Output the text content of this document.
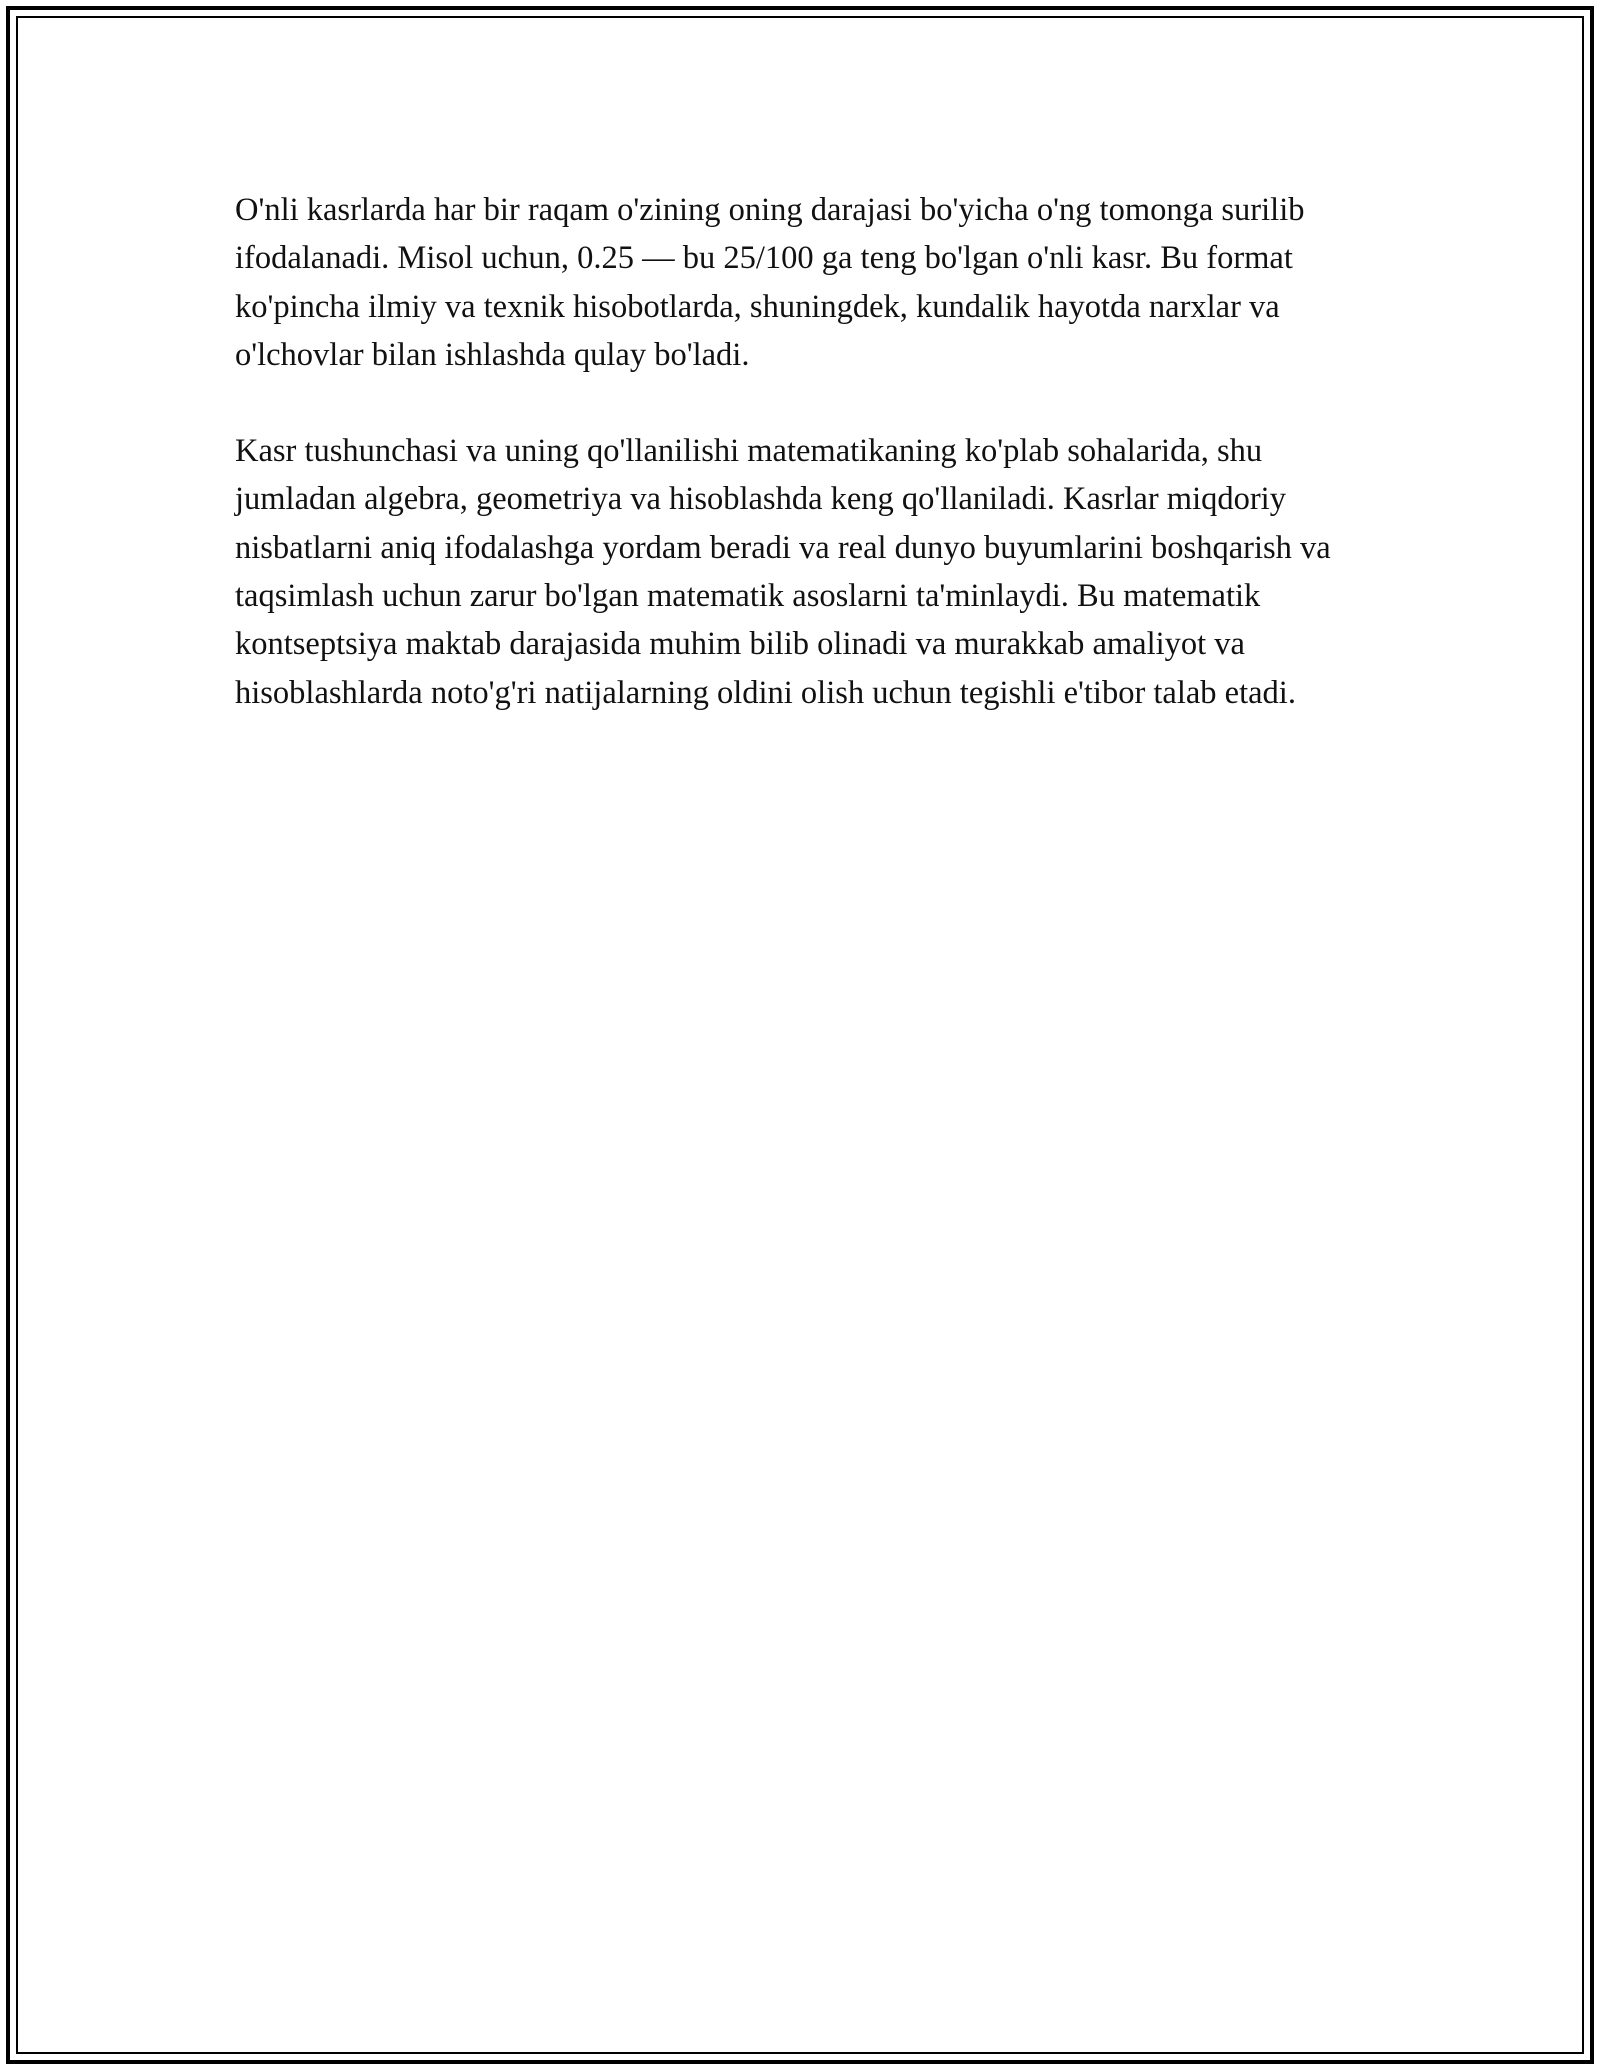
O'nli kasrlarda har bir raqam o'zining oning darajasi bo'yicha o'ng tomonga surilib ifodalanadi. Misol uchun, 0.25 — bu 25/100 ga teng bo'lgan o'nli kasr. Bu format ko'pincha ilmiy va texnik hisobotlarda, shuningdek, kundalik hayotda narxlar va o'lchovlar bilan ishlashda qulay bo'ladi.

Kasr tushunchasi va uning qo'llanilishi matematikaning ko'plab sohalarida, shu jumladan algebra, geometriya va hisoblashda keng qo'llaniladi. Kasrlar miqdoriy nisbatlarni aniq ifodalashga yordam beradi va real dunyo buyumlarini boshqarish va taqsimlash uchun zarur bo'lgan matematik asoslarni ta'minlaydi. Bu matematik kontseptsiya maktab darajasida muhim bilib olinadi va murakkab amaliyot va hisoblashlarda noto'g'ri natijalarning oldini olish uchun tegishli e'tibor talab etadi.
